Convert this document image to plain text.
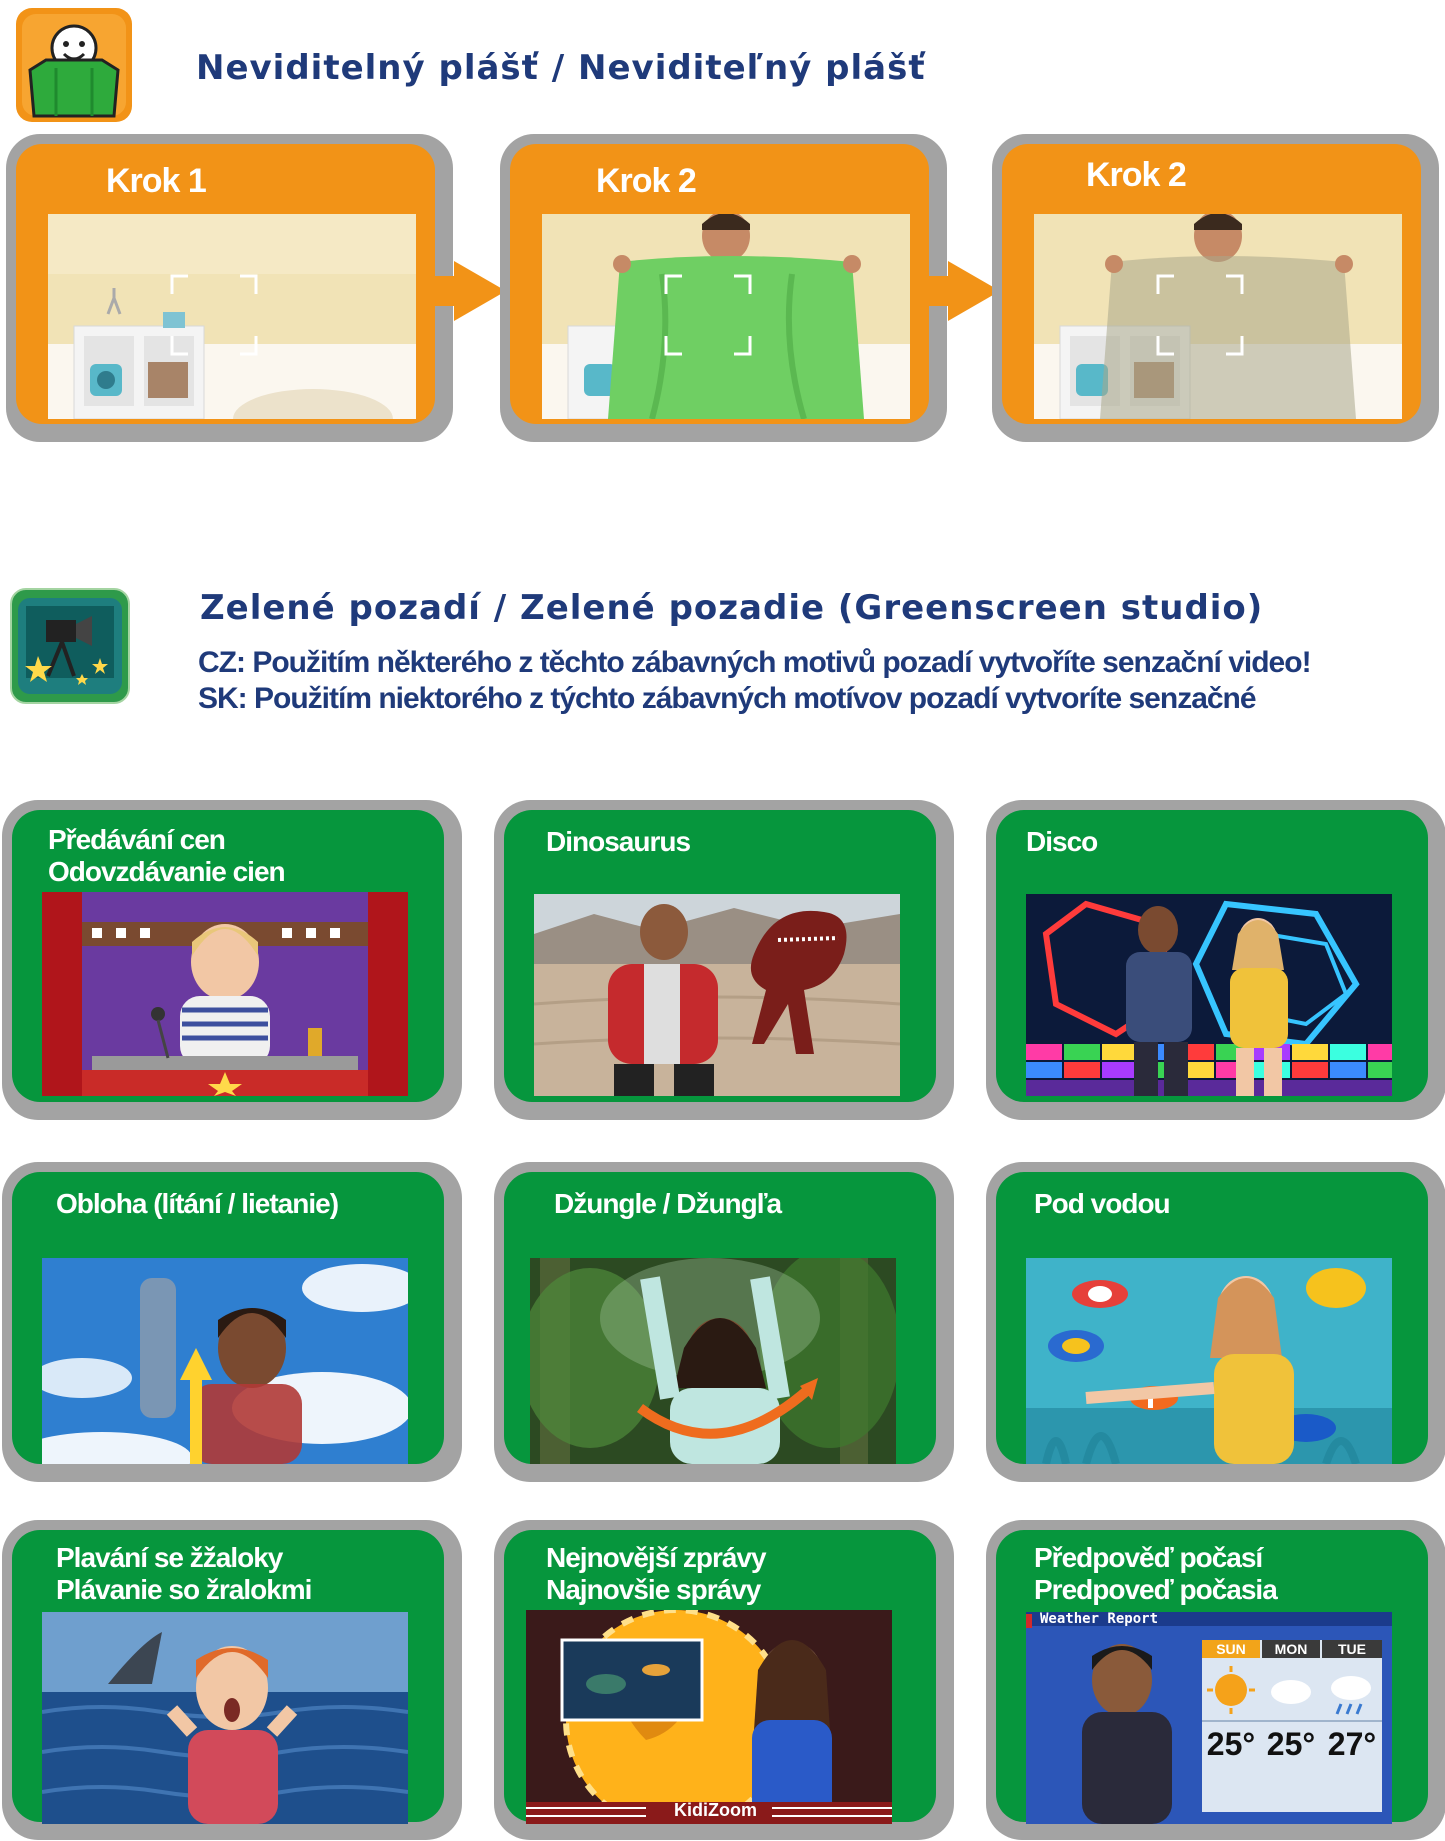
Neviditelný plášť / Neviditeľný plášť
Krok 1	Krok 2	Krok 2
Zelené pozadí / Zelené pozadie (Greenscreen studio)
CZ: Použitím některého z těchto zábavných motivů pozadí vytvoříte senzační video!
SK: Použitím niektorého z týchto zábavných motívov pozadí vytvoríte senzačné
Předávání cen
Odovzdávanie cien
Dinosaurus	Disco
Obloha (lítání / lietanie)	Džungle / Džungľa	Pod vodou
Plavání se žžaloky
Plávanie so žralokmi
Nejnovější zprávy
Najnovšie správy
KidiZoom
Předpověď počasí
Predpoveď počasia
Weather Report
SUN	MON	TUE
25° 25° 27°
